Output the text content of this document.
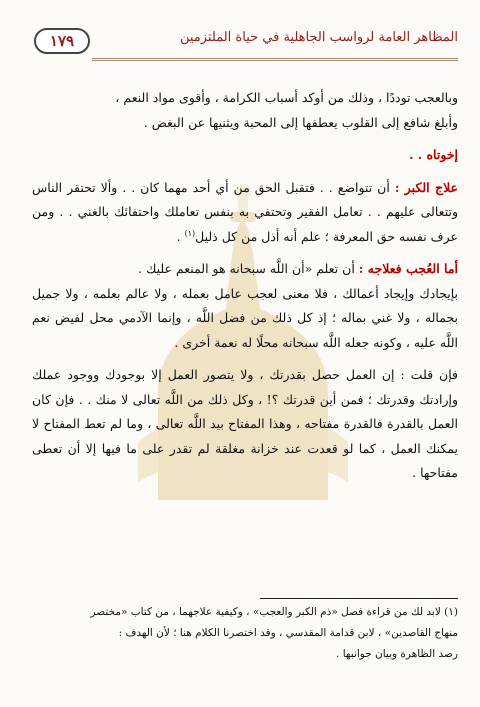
١٧٩	المظاهر العامة لرواسب الجاهلية في حياة الملتزمين

وبالعجب توددًا ، وذلك من أوكد أسباب الكرامة ، وأقوى مواد النعم ،

وأبلغ شافع إلى القلوب يعطفها إلى المحبة ويثنيها عن البغض .

إخوتاه . .

علاج الكبر : أن تتواضع . . فتقبل الحق من أي أحد مهما كان . . وألا تحتقر الناس وتتعالى عليهم . . تعامل الفقير وتحتفي به بنفس تعاملك واحتفائك بالغني . . ومن عرف نفسه حق المعرفة ؛ علم أنه أذل من كل ذليل$^{(١)}$ .

أما العُجب فعلاجه : أن تعلم «أن اللَّه سبحانه هو المنعم عليك .

بإيجادك وإيجاد أعمالك ، فلا معنى لعجب عامل بعمله ، ولا عالم بعلمه ، ولا جميل بجماله ، ولا غني بماله ؛ إذ كل ذلك من فضل اللَّه ، وإنما الآدمي محل لفيض نعم اللَّه عليه ، وكونه جعله اللَّه سبحانه محلًا له نعمة أخرى .

فإن قلت : إن العمل حصل بقدرتك ، ولا يتصور العمل إلا بوجودك ووجود عملك وإرادتك وقدرتك ؛ فمن أين قدرتك ؟! ، وكل ذلك من اللَّه تعالى لا منك . . فإن كان العمل بالقدرة فالقدرة مفتاحه ، وهذا المفتاح بيد اللَّه تعالى ، وما لم تعط المفتاح لا يمكنك العمل ، كما لو قعدت عند خزانة مغلقة لم تقدر على ما فيها إلا أن تعطى مفتاحها .

(١) لابد لك من قراءة فصل «ذم الكبر والعجب» ، وكيفية علاجهما ، من كتاب «مختصر

منهاج القاصدين» ، لابن قدامة المقدسي ، وقد اختصرنا الكلام هنا ؛ لأن الهدف :

رصد الظاهرة وبيان جوانبها .
